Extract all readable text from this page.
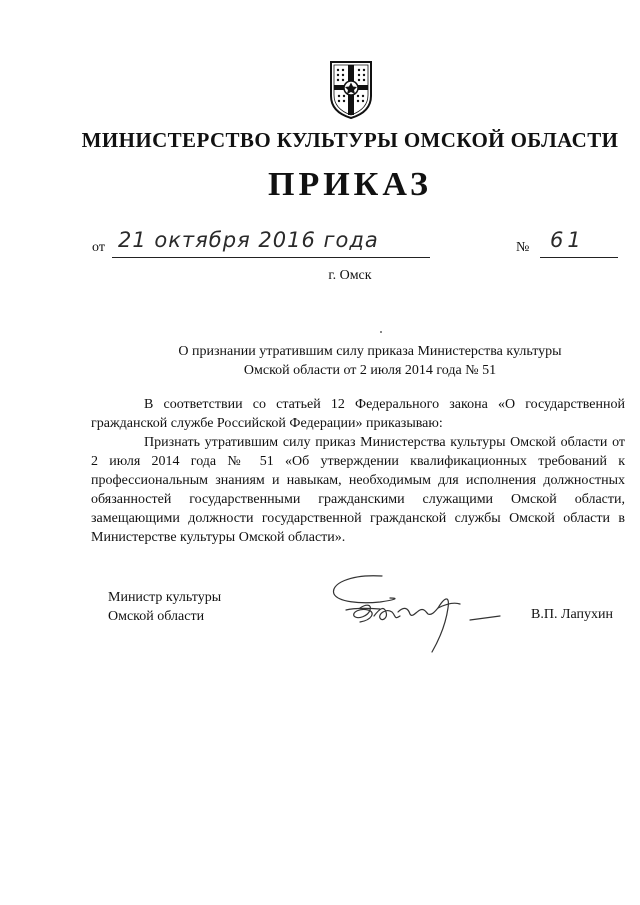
МИНИСТЕРСТВО КУЛЬТУРЫ ОМСКОЙ ОБЛАСТИ
ПРИКАЗ
от 21 октября 2016 года	№ 61
г. Омск
О признании утратившим силу приказа Министерства культуры
Омской области от 2 июля 2014 года № 51

В соответствии со статьей 12 Федерального закона «О государственной гражданской службе Российской Федерации» приказываю:

Признать утратившим силу приказ Министерства культуры Омской области от 2 июля 2014 года № 51 «Об утверждении квалификационных требований к профессиональным знаниям и навыкам, необходимым для исполнения должностных обязанностей государственными гражданскими служащими Омской области, замещающими должности государственной гражданской службы Омской области в Министерстве культуры Омской области».

Министр культуры
Омской области	В.П. Лапухин
